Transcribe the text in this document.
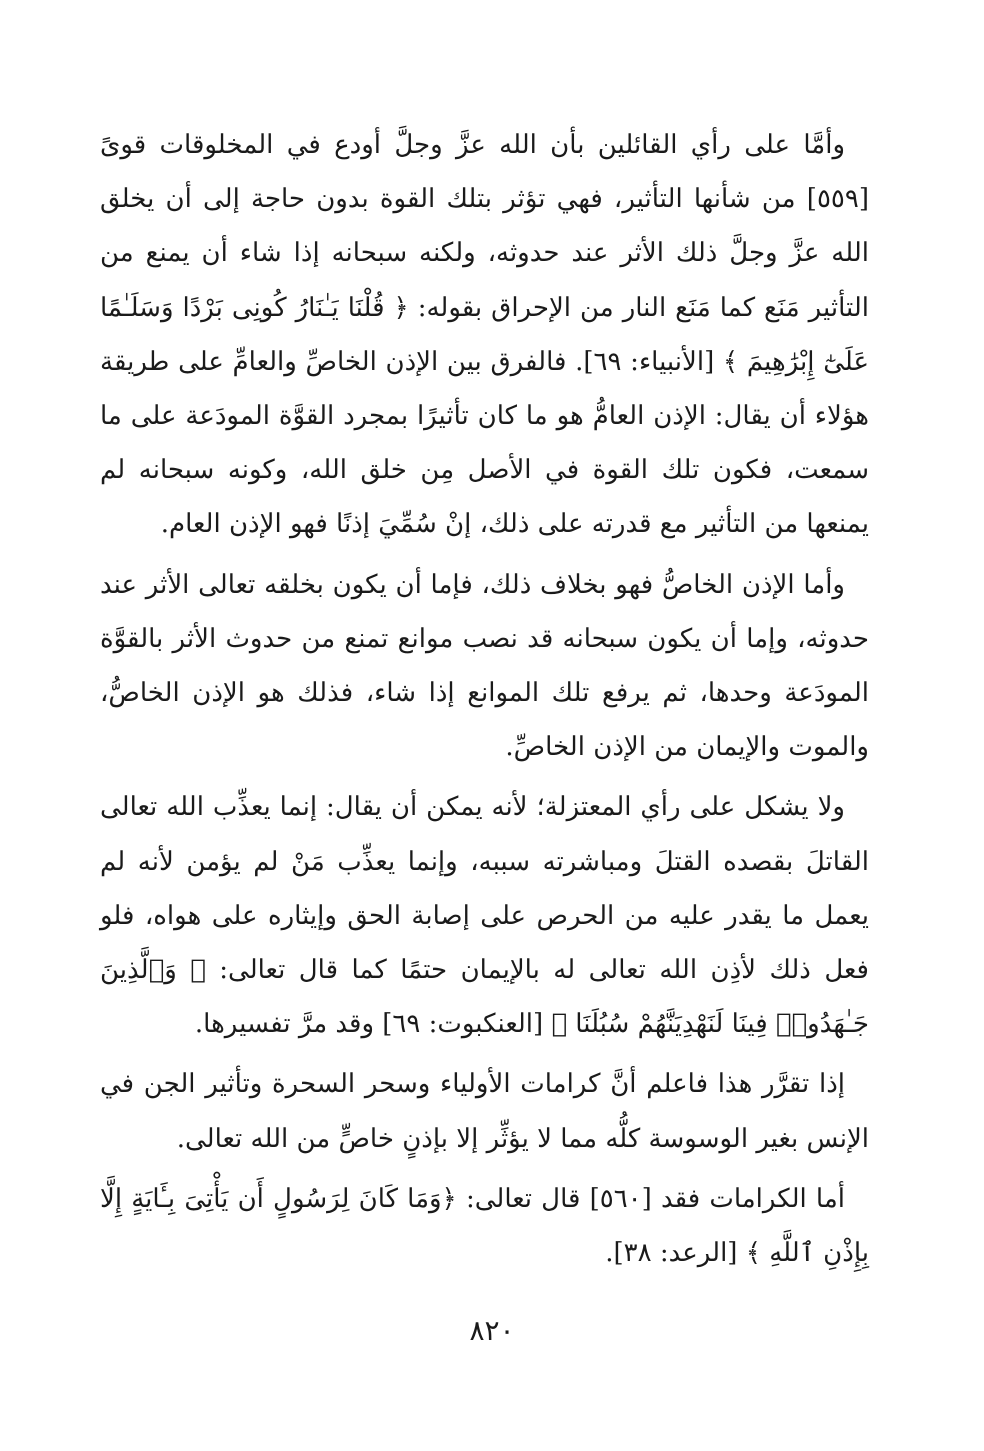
وأمَّا على رأي القائلين بأن الله عزَّ وجلَّ أودع في المخلوقات قوىً [٥٥٩] من شأنها التأثير، فهي تؤثر بتلك القوة بدون حاجة إلى أن يخلق الله عزَّ وجلَّ ذلك الأثر عند حدوثه، ولكنه سبحانه إذا شاء أن يمنع من التأثير مَنَع كما مَنَع النار من الإحراق بقوله: ﴿ قُلْنَا يَـٰنَارُ كُونِى بَرْدًا وَسَلَـٰمًا عَلَىٰٓ إِبْرَٰهِيمَ ﴾ [الأنبياء: ٦٩]. فالفرق بين الإذن الخاصِّ والعامِّ على طريقة هؤلاء أن يقال: الإذن العامُّ هو ما كان تأثيرًا بمجرد القوَّة المودَعة على ما سمعت، فكون تلك القوة في الأصل مِن خلق الله، وكونه سبحانه لم يمنعها من التأثير مع قدرته على ذلك، إنْ سُمِّيَ إذنًا فهو الإذن العام.

وأما الإذن الخاصُّ فهو بخلاف ذلك، فإما أن يكون بخلقه تعالى الأثر عند حدوثه، وإما أن يكون سبحانه قد نصب موانع تمنع من حدوث الأثر بالقوَّة المودَعة وحدها، ثم يرفع تلك الموانع إذا شاء، فذلك هو الإذن الخاصُّ، والموت والإيمان من الإذن الخاصِّ.

ولا يشكل على رأي المعتزلة؛ لأنه يمكن أن يقال: إنما يعذِّب الله تعالى القاتلَ بقصده القتلَ ومباشرته سببه، وإنما يعذِّب مَنْ لم يؤمن لأنه لم يعمل ما يقدر عليه من الحرص على إصابة الحق وإيثاره على هواه، فلو فعل ذلك لأذِن الله تعالى له بالإيمان حتمًا كما قال تعالى: ﴿ وَٱلَّذِينَ جَـٰهَدُوا۟ فِينَا لَنَهْدِيَنَّهُمْ سُبُلَنَا ﴾ [العنكبوت: ٦٩] وقد مرَّ تفسيرها.

إذا تقرَّر هذا فاعلم أنَّ كرامات الأولياء وسحر السحرة وتأثير الجن في الإنس بغير الوسوسة كلُّه مما لا يؤثِّر إلا بإذنٍ خاصٍّ من الله تعالى.

أما الكرامات فقد [٥٦٠] قال تعالى: ﴿وَمَا كَانَ لِرَسُولٍ أَن يَأْتِىَ بِـَٔايَةٍ إِلَّا بِإِذْنِ ٱللَّهِ ﴾ [الرعد: ٣٨].

٨٢٠
